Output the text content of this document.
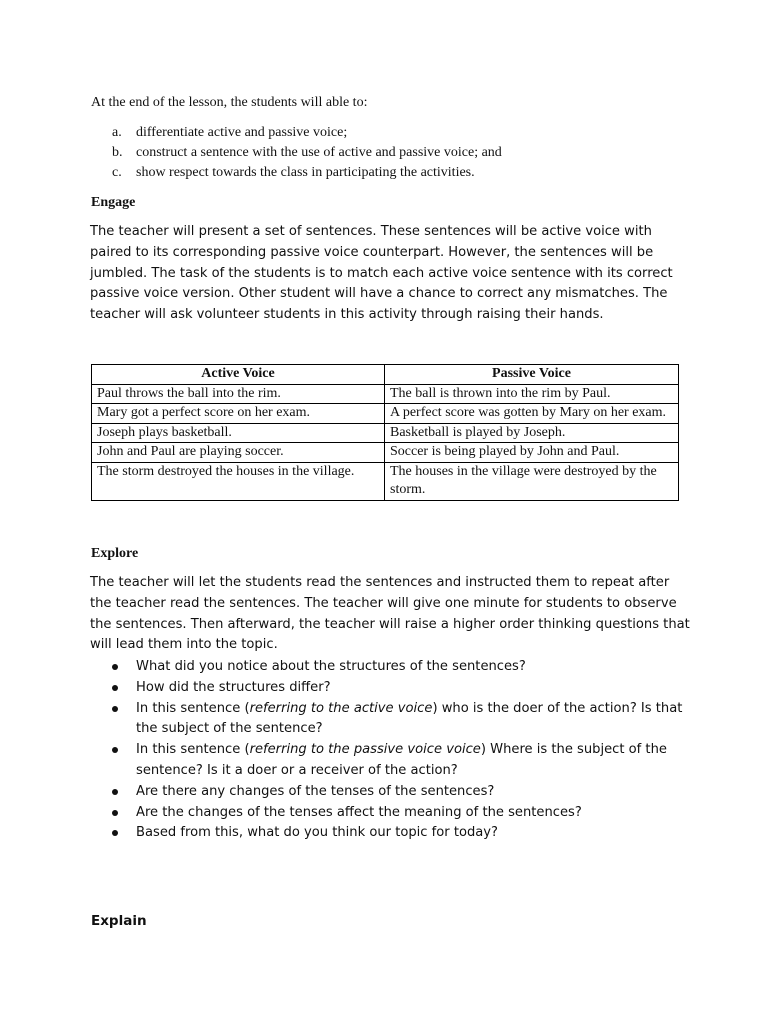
At the end of the lesson, the students will able to:
a.	differentiate active and passive voice;
b. construct a sentence with the use of active and passive voice; and
c.	show respect towards the class in participating the activities.
Engage
The teacher will present a set of sentences. These sentences will be active voice with paired to its corresponding passive voice counterpart. However, the sentences will be jumbled. The task of the students is to match each active voice sentence with its correct passive voice version. Other student will have a chance to correct any mismatches. The teacher will ask volunteer students in this activity through raising their hands.
Active Voice	Passive Voice
Paul throws the ball into the rim.	The ball is thrown into the rim by Paul.
Mary got a perfect score on her exam.	A perfect score was gotten by Mary on her exam.
Joseph plays basketball.	Basketball is played by Joseph.
John and Paul are playing soccer.	Soccer is being played by John and Paul.
The storm destroyed the houses in the village.	The houses in the village were destroyed by the storm.
Explore
The teacher will let the students read the sentences and instructed them to repeat after the teacher read the sentences. The teacher will give one minute for students to observe the sentences. Then afterward, the teacher will raise a higher order thinking questions that will lead them into the topic.
What did you notice about the structures of the sentences?
How did the structures differ?
In this sentence (referring to the active voice) who is the doer of the action? Is that the subject of the sentence?
In this sentence (referring to the passive voice voice) Where is the subject of the sentence? Is it a doer or a receiver of the action?
Are there any changes of the tenses of the sentences?
Are the changes of the tenses affect the meaning of the sentences?
Based from this, what do you think our topic for today?
Explain
